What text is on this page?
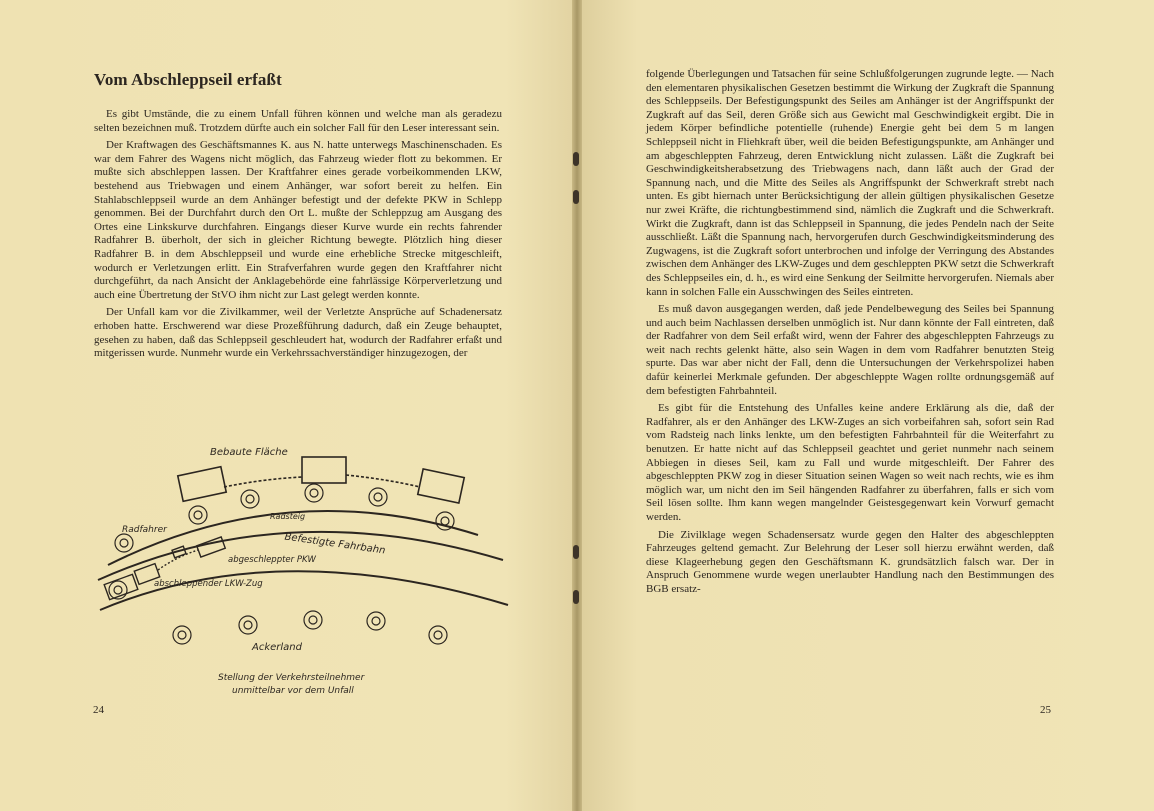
Vom Abschleppseil erfaßt

Es gibt Umstände, die zu einem Unfall führen können und welche man als geradezu selten bezeichnen muß. Trotzdem dürfte auch ein solcher Fall für den Leser interessant sein.

Der Kraftwagen des Geschäftsmannes K. aus N. hatte unterwegs Maschinenschaden. Es war dem Fahrer des Wagens nicht möglich, das Fahrzeug wieder flott zu bekommen. Er mußte sich abschleppen lassen. Der Kraftfahrer eines gerade vorbeikommenden LKW, bestehend aus Triebwagen und einem Anhänger, war sofort bereit zu helfen. Ein Stahlabschleppseil wurde an dem Anhänger befestigt und der defekte PKW in Schlepp genommen. Bei der Durchfahrt durch den Ort L. mußte der Schleppzug am Ausgang des Ortes eine Linkskurve durchfahren. Eingangs dieser Kurve wurde ein rechts fahrender Radfahrer B. überholt, der sich in gleicher Richtung bewegte. Plötzlich hing dieser Radfahrer B. in dem Abschleppseil und wurde eine erhebliche Strecke mitgeschleift, wodurch er Verletzungen erlitt. Ein Strafverfahren wurde gegen den Kraftfahrer nicht durchgeführt, da nach Ansicht der Anklagebehörde eine fahrlässige Körperverletzung und auch eine Übertretung der StVO ihm nicht zur Last gelegt werden konnte.

Der Unfall kam vor die Zivilkammer, weil der Verletzte Ansprüche auf Schadenersatz erhoben hatte. Erschwerend war diese Prozeßführung dadurch, daß ein Zeuge behauptet, gesehen zu haben, daß das Schleppseil geschleudert hat, wodurch der Radfahrer erfaßt und mitgerissen wurde. Nunmehr wurde ein Verkehrssachverständiger hinzugezogen, der

Bebaute Fläche
Radsteig
Befestigte Fahrbahn
Radfahrer
abgeschleppter PKW
abschleppender LKW-Zug
Ackerland
Stellung der Verkehrsteilnehmer
unmittelbar vor dem Unfall
24

folgende Überlegungen und Tatsachen für seine Schlußfolgerungen zugrunde legte. — Nach den elementaren physikalischen Gesetzen bestimmt die Wirkung der Zugkraft die Spannung des Schleppseils. Der Befestigungspunkt des Seiles am Anhänger ist der Angriffspunkt der Zugkraft auf das Seil, deren Größe sich aus Gewicht mal Geschwindigkeit ergibt. Die in jedem Körper befindliche potentielle (ruhende) Energie geht bei dem 5 m langen Schleppseil nicht in Fliehkraft über, weil die beiden Befestigungspunkte, am Anhänger und am abgeschleppten Fahrzeug, deren Entwicklung nicht zulassen. Läßt die Zugkraft bei Geschwindigkeitsherabsetzung des Triebwagens nach, dann läßt auch der Grad der Spannung nach, und die Mitte des Seiles als Angriffspunkt der Schwerkraft strebt nach unten. Es gibt hiernach unter Berücksichtigung der allein gültigen physikalischen Gesetze nur zwei Kräfte, die richtungbestimmend sind, nämlich die Zugkraft und die Schwerkraft. Wirkt die Zugkraft, dann ist das Schleppseil in Spannung, die jedes Pendeln nach der Seite ausschließt. Läßt die Spannung nach, hervorgerufen durch Geschwindigkeitsminderung des Zugwagens, ist die Zugkraft sofort unterbrochen und infolge der Verringung des Abstandes zwischen dem Anhänger des LKW-Zuges und dem geschleppten PKW setzt die Schwerkraft des Schleppseiles ein, d. h., es wird eine Senkung der Seilmitte hervorgerufen. Niemals aber kann in solchen Falle ein Ausschwingen des Seiles eintreten.

Es muß davon ausgegangen werden, daß jede Pendelbewegung des Seiles bei Spannung und auch beim Nachlassen derselben unmöglich ist. Nur dann könnte der Fall eintreten, daß der Radfahrer von dem Seil erfaßt wird, wenn der Fahrer des abgeschleppten Fahrzeugs zu weit nach rechts gelenkt hätte, also sein Wagen in dem vom Radfahrer benutzten Steig spurte. Das war aber nicht der Fall, denn die Untersuchungen der Verkehrspolizei haben dafür keinerlei Merkmale gefunden. Der abgeschleppte Wagen rollte ordnungsgemäß auf dem befestigten Fahrbahnteil.

Es gibt für die Entstehung des Unfalles keine andere Erklärung als die, daß der Radfahrer, als er den Anhänger des LKW-Zuges an sich vorbeifahren sah, sofort sein Rad vom Radsteig nach links lenkte, um den befestigten Fahrbahnteil für die Weiterfahrt zu benutzen. Er hatte nicht auf das Schleppseil geachtet und geriet nunmehr nach seinem Abbiegen in dieses Seil, kam zu Fall und wurde mitgeschleift. Der Fahrer des abgeschleppten PKW zog in dieser Situation seinen Wagen so weit nach rechts, wie es ihm möglich war, um nicht den im Seil hängenden Radfahrer zu überfahren, falls er sich vom Seil lösen sollte. Ihm kann wegen mangelnder Geistesgegenwart kein Vorwurf gemacht werden.

Die Zivilklage wegen Schadensersatz wurde gegen den Halter des abgeschleppten Fahrzeuges geltend gemacht. Zur Belehrung der Leser soll hierzu erwähnt werden, daß diese Klageerhebung gegen den Geschäftsmann K. grundsätzlich falsch war. Der in Anspruch Genommene wurde wegen unerlaubter Handlung nach den Bestimmungen des BGB ersatz-

25
